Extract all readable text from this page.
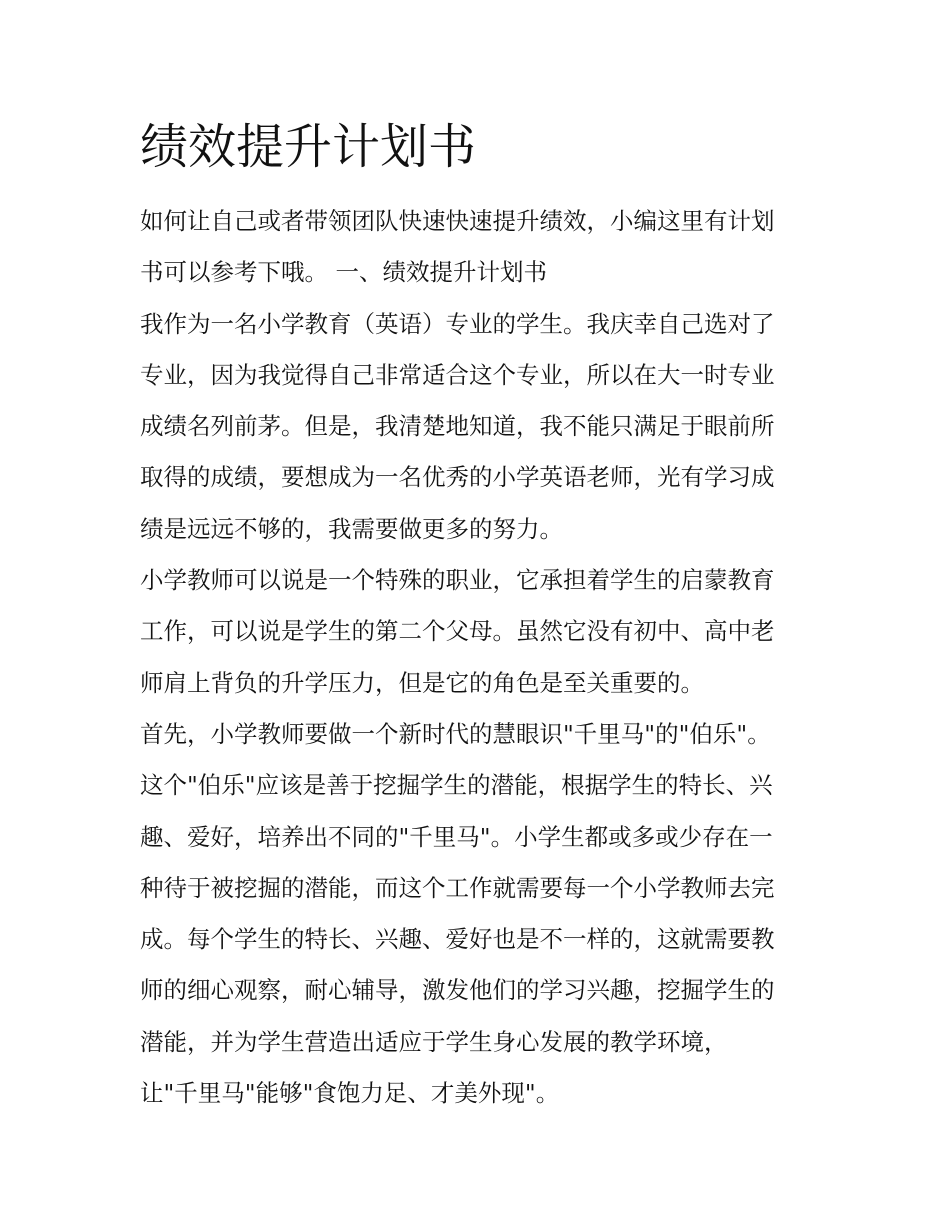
绩效提升计划书
如何让自己或者带领团队快速快速提升绩效，小编这里有计划
书可以参考下哦。 一、绩效提升计划书
我作为一名小学教育（英语）专业的学生。我庆幸自己选对了
专业，因为我觉得自己非常适合这个专业，所以在大一时专业
成绩名列前茅。但是，我清楚地知道，我不能只满足于眼前所
取得的成绩，要想成为一名优秀的小学英语老师，光有学习成
绩是远远不够的，我需要做更多的努力。
小学教师可以说是一个特殊的职业，它承担着学生的启蒙教育
工作，可以说是学生的第二个父母。虽然它没有初中、高中老
师肩上背负的升学压力，但是它的角色是至关重要的。
首先，小学教师要做一个新时代的慧眼识"千里马"的"伯乐"。
这个"伯乐"应该是善于挖掘学生的潜能，根据学生的特长、兴
趣、爱好，培养出不同的"千里马"。小学生都或多或少存在一
种待于被挖掘的潜能，而这个工作就需要每一个小学教师去完
成。每个学生的特长、兴趣、爱好也是不一样的，这就需要教
师的细心观察，耐心辅导，激发他们的学习兴趣，挖掘学生的
潜能，并为学生营造出适应于学生身心发展的教学环境，
让"千里马"能够"食饱力足、才美外现"。
